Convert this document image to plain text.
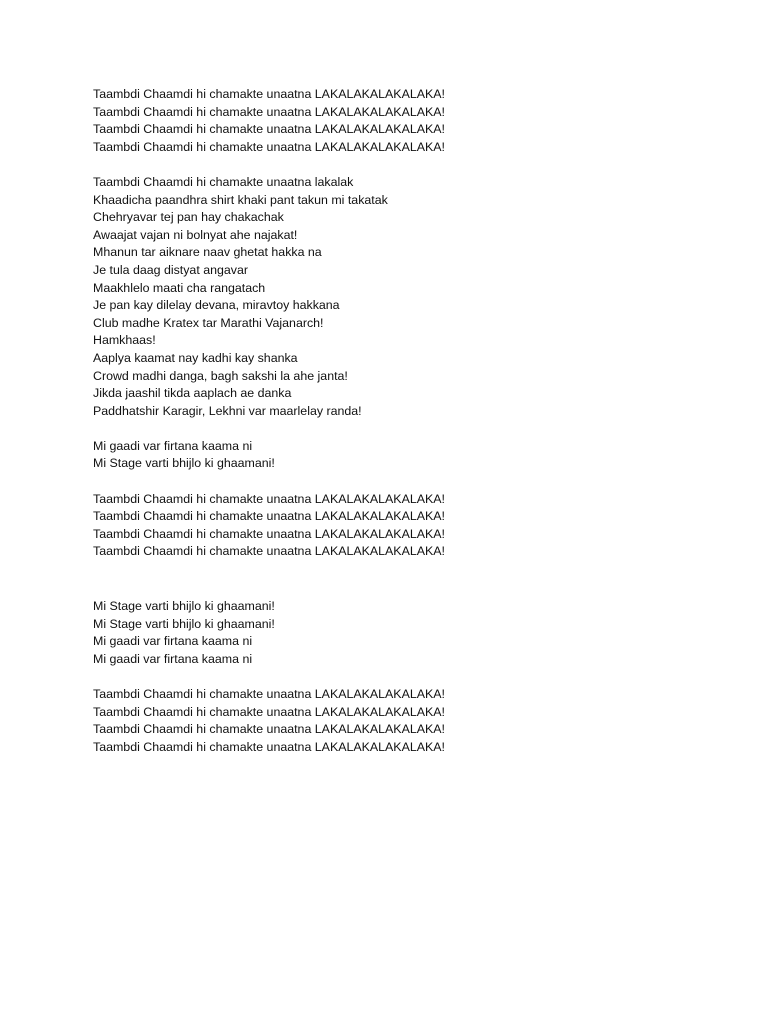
Taambdi Chaamdi hi chamakte unaatna LAKALAKALAKALAKA!
Taambdi Chaamdi hi chamakte unaatna LAKALAKALAKALAKA!
Taambdi Chaamdi hi chamakte unaatna LAKALAKALAKALAKA!
Taambdi Chaamdi hi chamakte unaatna LAKALAKALAKALAKA!
Taambdi Chaamdi hi chamakte unaatna lakalak
Khaadicha paandhra shirt khaki pant takun mi takatak
Chehryavar tej pan hay chakachak
Awaajat vajan ni bolnyat ahe najakat!
Mhanun tar aiknare naav ghetat hakka na
Je tula daag distyat angavar
Maakhlelo maati cha rangatach
Je pan kay dilelay devana, miravtoy hakkana
Club madhe Kratex tar Marathi Vajanarch!
Hamkhaas!
Aaplya kaamat nay kadhi kay shanka
Crowd madhi danga, bagh sakshi la ahe janta!
Jikda jaashil tikda aaplach ae danka
Paddhatshir Karagir, Lekhni var maarlelay randa!
Mi gaadi var firtana kaama ni
Mi Stage varti bhijlo ki ghaamani!
Taambdi Chaamdi hi chamakte unaatna LAKALAKALAKALAKA!
Taambdi Chaamdi hi chamakte unaatna LAKALAKALAKALAKA!
Taambdi Chaamdi hi chamakte unaatna LAKALAKALAKALAKA!
Taambdi Chaamdi hi chamakte unaatna LAKALAKALAKALAKA!
Mi Stage varti bhijlo ki ghaamani!
Mi Stage varti bhijlo ki ghaamani!
Mi gaadi var firtana kaama ni
Mi gaadi var firtana kaama ni
Taambdi Chaamdi hi chamakte unaatna LAKALAKALAKALAKA!
Taambdi Chaamdi hi chamakte unaatna LAKALAKALAKALAKA!
Taambdi Chaamdi hi chamakte unaatna LAKALAKALAKALAKA!
Taambdi Chaamdi hi chamakte unaatna LAKALAKALAKALAKA!
